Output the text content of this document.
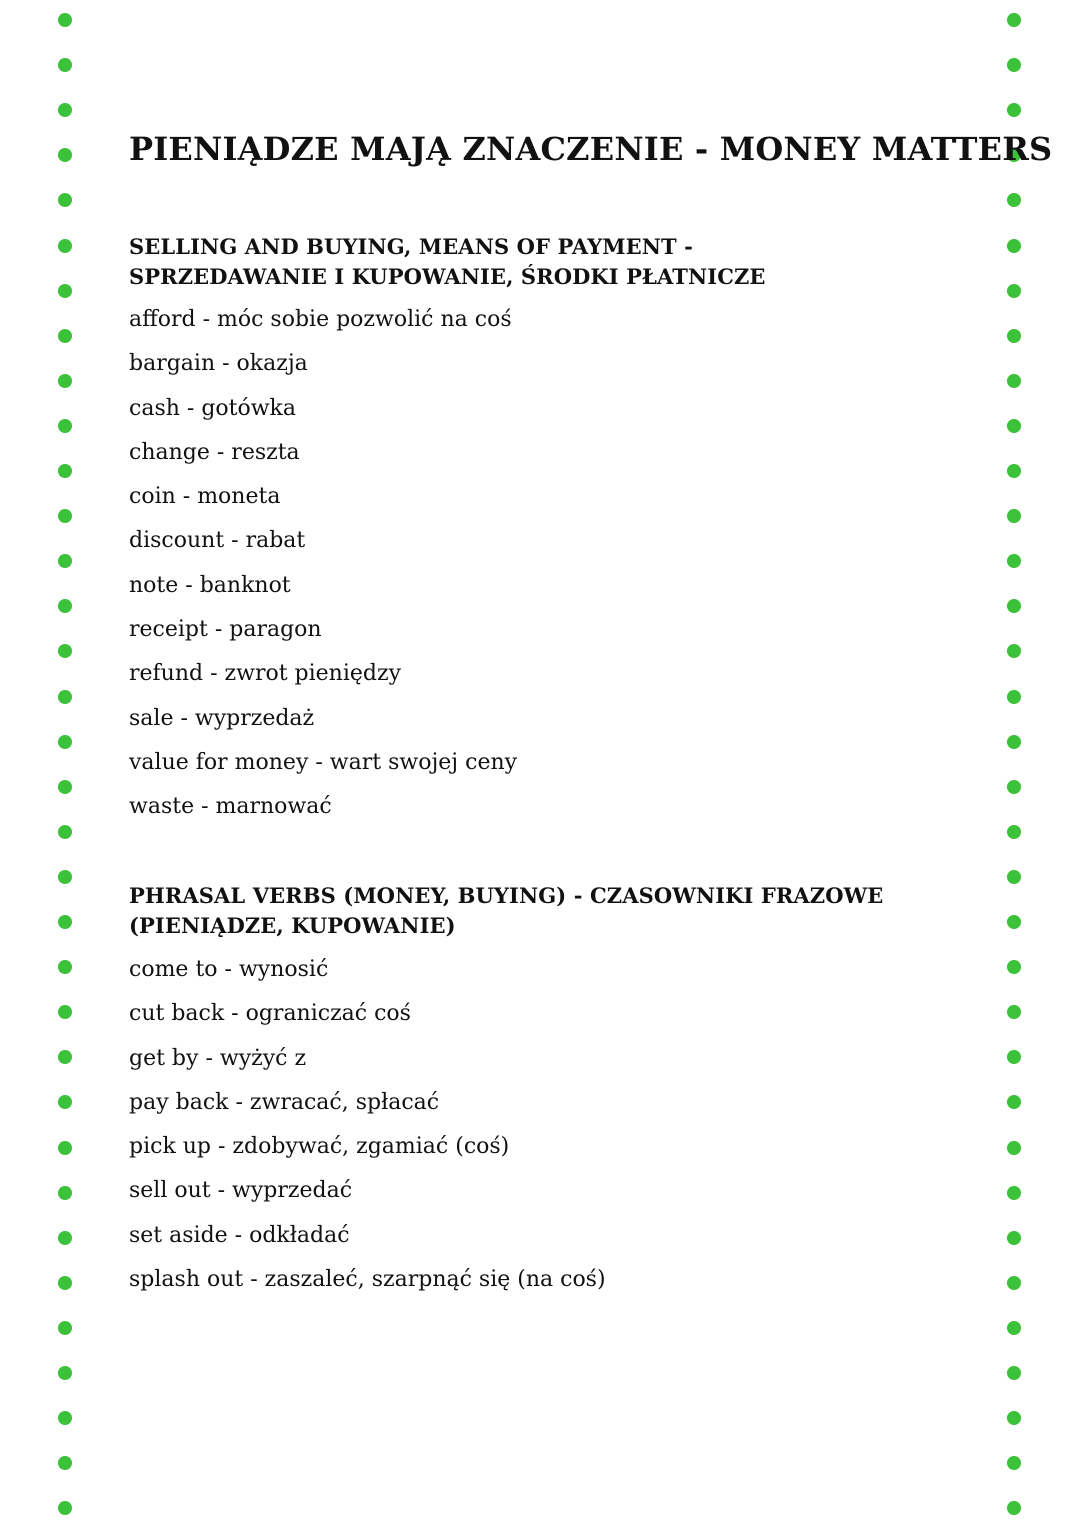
PIENIĄDZE MAJĄ ZNACZENIE - MONEY MATTERS
SELLING AND BUYING, MEANS OF PAYMENT - SPRZEDAWANIE I KUPOWANIE, ŚRODKI PŁATNICZE
afford - móc sobie pozwolić na coś
bargain - okazja
cash - gotówka
change - reszta
coin - moneta
discount - rabat
note - banknot
receipt - paragon
refund - zwrot pieniędzy
sale - wyprzedaż
value for money - wart swojej ceny
waste - marnować
PHRASAL VERBS (MONEY, BUYING) - CZASOWNIKI FRAZOWE (PIENIĄDZE, KUPOWANIE)
come to - wynosić
cut back - ograniczać coś
get by - wyżyć z
pay back - zwracać, spłacać
pick up - zdobywać, zgamiać (coś)
sell out - wyprzedać
set aside - odkładać
splash out - zaszaleć, szarpnąć się (na coś)
